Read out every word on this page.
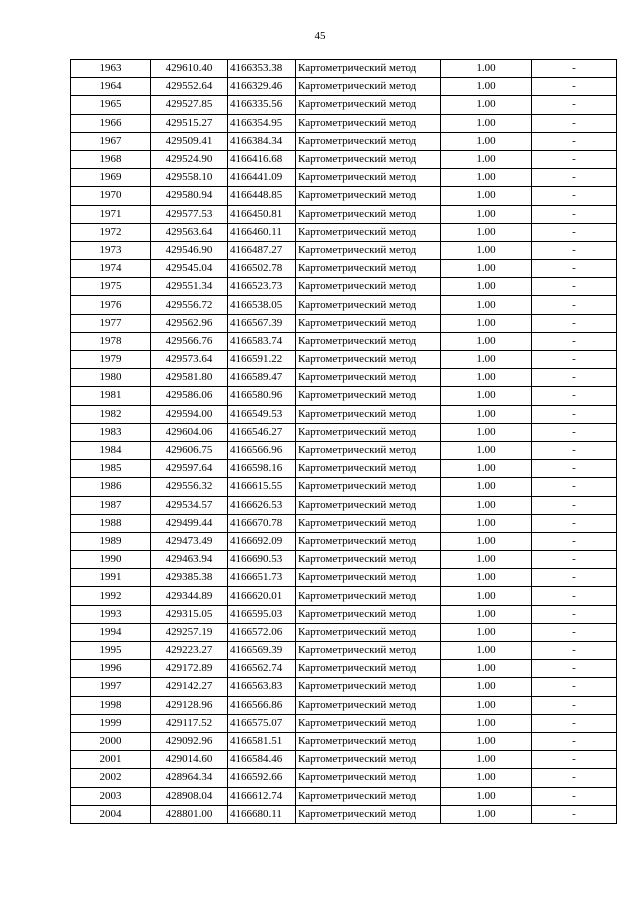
45
1963	429610.40	4166353.38	Картометрический метод	1.00	-
1964	429552.64	4166329.46	Картометрический метод	1.00	-
1965	429527.85	4166335.56	Картометрический метод	1.00	-
1966	429515.27	4166354.95	Картометрический метод	1.00	-
1967	429509.41	4166384.34	Картометрический метод	1.00	-
1968	429524.90	4166416.68	Картометрический метод	1.00	-
1969	429558.10	4166441.09	Картометрический метод	1.00	-
1970	429580.94	4166448.85	Картометрический метод	1.00	-
1971	429577.53	4166450.81	Картометрический метод	1.00	-
1972	429563.64	4166460.11	Картометрический метод	1.00	-
1973	429546.90	4166487.27	Картометрический метод	1.00	-
1974	429545.04	4166502.78	Картометрический метод	1.00	-
1975	429551.34	4166523.73	Картометрический метод	1.00	-
1976	429556.72	4166538.05	Картометрический метод	1.00	-
1977	429562.96	4166567.39	Картометрический метод	1.00	-
1978	429566.76	4166583.74	Картометрический метод	1.00	-
1979	429573.64	4166591.22	Картометрический метод	1.00	-
1980	429581.80	4166589.47	Картометрический метод	1.00	-
1981	429586.06	4166580.96	Картометрический метод	1.00	-
1982	429594.00	4166549.53	Картометрический метод	1.00	-
1983	429604.06	4166546.27	Картометрический метод	1.00	-
1984	429606.75	4166566.96	Картометрический метод	1.00	-
1985	429597.64	4166598.16	Картометрический метод	1.00	-
1986	429556.32	4166615.55	Картометрический метод	1.00	-
1987	429534.57	4166626.53	Картометрический метод	1.00	-
1988	429499.44	4166670.78	Картометрический метод	1.00	-
1989	429473.49	4166692.09	Картометрический метод	1.00	-
1990	429463.94	4166690.53	Картометрический метод	1.00	-
1991	429385.38	4166651.73	Картометрический метод	1.00	-
1992	429344.89	4166620.01	Картометрический метод	1.00	-
1993	429315.05	4166595.03	Картометрический метод	1.00	-
1994	429257.19	4166572.06	Картометрический метод	1.00	-
1995	429223.27	4166569.39	Картометрический метод	1.00	-
1996	429172.89	4166562.74	Картометрический метод	1.00	-
1997	429142.27	4166563.83	Картометрический метод	1.00	-
1998	429128.96	4166566.86	Картометрический метод	1.00	-
1999	429117.52	4166575.07	Картометрический метод	1.00	-
2000	429092.96	4166581.51	Картометрический метод	1.00	-
2001	429014.60	4166584.46	Картометрический метод	1.00	-
2002	428964.34	4166592.66	Картометрический метод	1.00	-
2003	428908.04	4166612.74	Картометрический метод	1.00	-
2004	428801.00	4166680.11	Картометрический метод	1.00	-
